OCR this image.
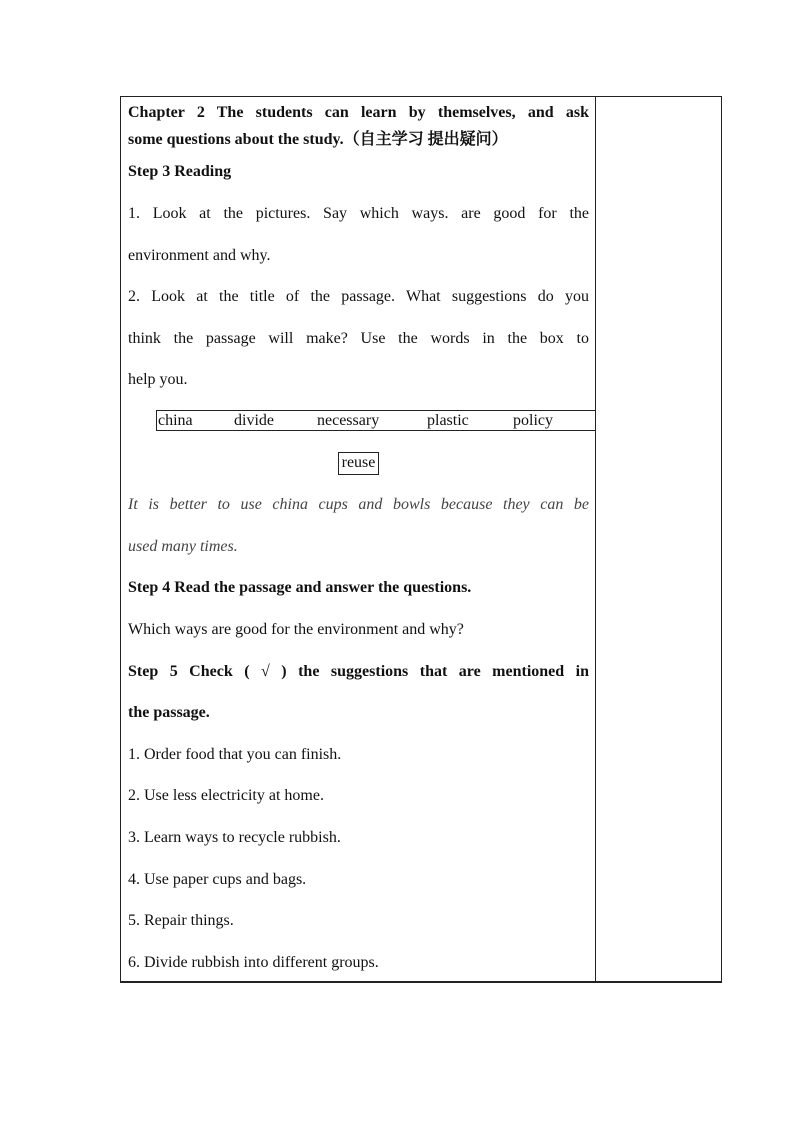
Chapter 2 The students can learn by themselves, and ask
some questions about the study.（自主学习 提出疑问）
Step 3 Reading
1. Look at the pictures. Say which ways. are good for the
environment and why.
2. Look at the title of the passage. What suggestions do you
think the passage will make? Use the words in the box to
help you.
china	divide	necessary	plastic	policy
reuse
It is better to use china cups and bowls because they can be
used many times.
Step 4 Read the passage and answer the questions.
Which ways are good for the environment and why?
Step 5 Check ( √ ) the suggestions that are mentioned in
the passage.
1. Order food that you can finish.
2. Use less electricity at home.
3. Learn ways to recycle rubbish.
4. Use paper cups and bags.
5. Repair things.
6. Divide rubbish into different groups.
